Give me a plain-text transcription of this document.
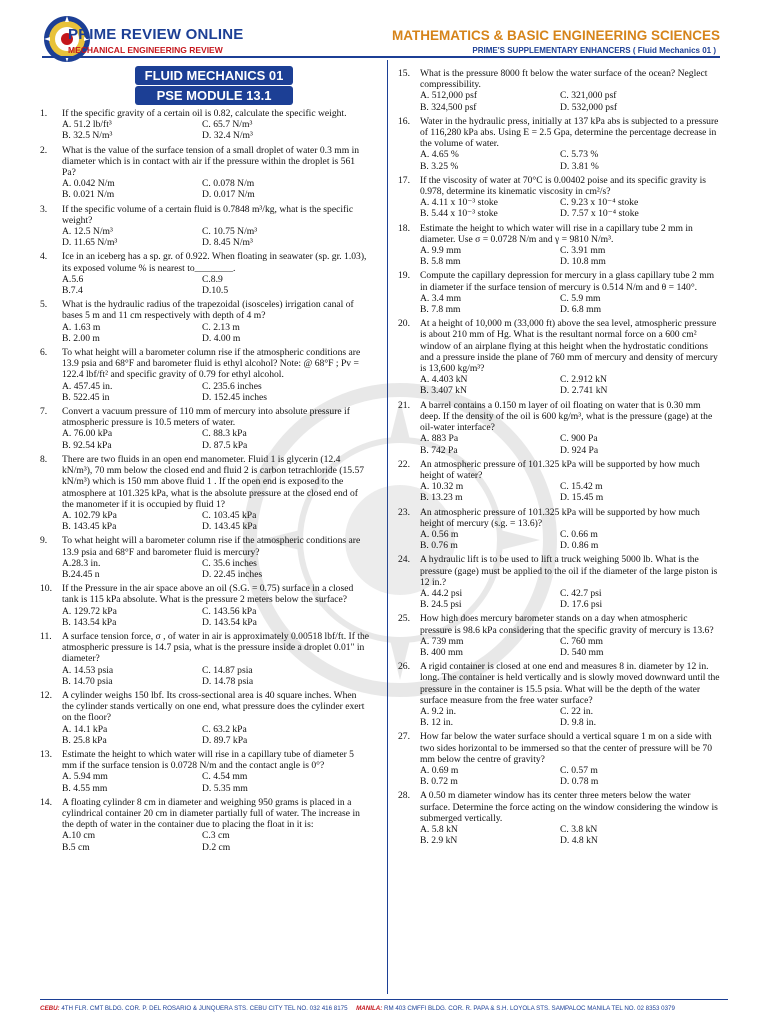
PRIME REVIEW ONLINE
MECHANICAL ENGINEERING REVIEW
MATHEMATICS & BASIC ENGINEERING SCIENCES
PRIME'S SUPPLEMENTARY ENHANCERS ( Fluid Mechanics 01 )
FLUID MECHANICS 01
PSE MODULE 13.1
1. If the specific gravity of a certain oil is 0.82, calculate the specific weight.
A. 51.2 lb/ft³	C. 65.7 N/m³
B. 32.5 N/m³	D. 32.4 N/m³
2. What is the value of the surface tension of a small droplet of water 0.3 mm in diameter which is in contact with air if the pressure within the droplet is 561 Pa?
A. 0.042 N/m	C. 0.078 N/m
B. 0.021 N/m	D. 0.017 N/m
3. If the specific volume of a certain fluid is 0.7848 m³/kg, what is the specific weight?
A. 12.5 N/m³	C. 10.75 N/m³
D. 11.65 N/m³	D. 8.45 N/m³
4. Ice in an iceberg has a sp. gr. of 0.922. When floating in seawater (sp. gr. 1.03), its exposed volume % is nearest to________.
A.5.6	C.8.9
B.7.4	D.10.5
5. What is the hydraulic radius of the trapezoidal (isosceles) irrigation canal of bases 5 m and 11 cm respectively with depth of 4 m?
A. 1.63 m	C. 2.13 m
B. 2.00 m	D. 4.00 m
6. To what height will a barometer column rise if the atmospheric conditions are 13.9 psia and 68°F and barometer fluid is ethyl alcohol? Note: @ 68°F ; Pv = 122.4 lbf/ft² and specific gravity of 0.79 for ethyl alcohol.
A. 457.45 in.	C. 235.6 inches
B. 522.45 in	D. 152.45 inches
7. Convert a vacuum pressure of 110 mm of mercury into absolute pressure if atmospheric pressure is 10.5 meters of water.
A. 76.00 kPa	C. 88.3 kPa
B. 92.54 kPa	D. 87.5 kPa
8. There are two fluids in an open end manometer. Fluid 1 is glycerin (12.4 kN/m³), 70 mm below the closed end and fluid 2 is carbon tetrachloride (15.57 kN/m³) which is 150 mm above fluid 1 . If the open end is exposed to the atmosphere at 101.325 kPa, what is the absolute pressure at the closed end of the manometer if it is occupied by fluid 1?
A. 102.79 kPa	C. 103.45 kPa
B. 143.45 kPa	D. 143.45 kPa
9. To what height will a barometer column rise if the atmospheric conditions are 13.9 psia and 68°F and barometer fluid is mercury?
A.28.3 in.	C. 35.6 inches
B.24.45 n	D. 22.45 inches
10. If the Pressure in the air space above an oil (S.G. = 0.75) surface in a closed tank is 115 kPa absolute. What is the pressure 2 meters below the surface?
A. 129.72 kPa	C. 143.56 kPa
B. 143.54 kPa	D. 143.54 kPa
11. A surface tension force, σ , of water in air is approximately 0.00518 lbf/ft. If the atmospheric pressure is 14.7 psia, what is the pressure inside a droplet 0.01" in diameter?
A. 14.53 psia	C. 14.87 psia
B. 14.70 psia	D. 14.78 psia
12. A cylinder weighs 150 lbf. Its cross-sectional area is 40 square inches. When the cylinder stands vertically on one end, what pressure does the cylinder exert on the floor?
A. 14.1 kPa	C. 63.2 kPa
B. 25.8 kPa	D. 89.7 kPa
13. Estimate the height to which water will rise in a capillary tube of diameter 5 mm if the surface tension is 0.0728 N/m and the contact angle is 0°?
A. 5.94 mm	C. 4.54 mm
B. 4.55 mm	D. 5.35 mm
14. A floating cylinder 8 cm in diameter and weighing 950 grams is placed in a cylindrical container 20 cm in diameter partially full of water. The increase in the depth of water in the container due to placing the float in it is:
A.10 cm	C.3 cm
B.5 cm	D.2 cm
15. What is the pressure 8000 ft below the water surface of the ocean? Neglect compressibility.
A. 512,000 psf	C. 321,000 psf
B. 324,500 psf	D. 532,000 psf
16. Water in the hydraulic press, initially at 137 kPa abs is subjected to a pressure of 116,280 kPa abs. Using E = 2.5 Gpa, determine the percentage decrease in the volume of water.
A. 4.65 %	C. 5.73 %
B. 3.25 %	D. 3.81 %
17. If the viscosity of water at 70°C is 0.00402 poise and its specific gravity is 0.978, determine its kinematic viscosity in cm²/s?
A. 4.11 x 10⁻³ stoke	C. 9.23 x 10⁻⁴ stoke
B. 5.44 x 10⁻³ stoke	D. 7.57 x 10⁻⁴ stoke
18. Estimate the height to which water will rise in a capillary tube 2 mm in diameter. Use σ = 0.0728 N/m and γ = 9810 N/m³.
A. 9.9 mm	C. 3.91 mm
B. 5.8 mm	D. 10.8 mm
19. Compute the capillary depression for mercury in a glass capillary tube 2 mm in diameter if the surface tension of mercury is 0.514 N/m and θ = 140°.
A. 3.4 mm	C. 5.9 mm
B. 7.8 mm	D. 6.8 mm
20. At a height of 10,000 m (33,000 ft) above the sea level, atmospheric pressure is about 210 mm of Hg. What is the resultant normal force on a 600 cm² window of an airplane flying at this height when the hydrostatic conditions and a pressure inside the plane of 760 mm of mercury and density of mercury is 13,600 kg/m³?
A. 4.403 kN	C. 2.912 kN
B. 3.407 kN	D. 2.741 kN
21. A barrel contains a 0.150 m layer of oil floating on water that is 0.30 mm deep. If the density of the oil is 600 kg/m³, what is the pressure (gage) at the oil-water interface?
A. 883 Pa	C. 900 Pa
B. 742 Pa	D. 924 Pa
22. An atmospheric pressure of 101.325 kPa will be supported by how much height of water?
A. 10.32 m	C. 15.42 m
B. 13.23 m	D. 15.45 m
23. An atmospheric pressure of 101.325 kPa will be supported by how much height of mercury (s.g. = 13.6)?
A. 0.56 m	C. 0.66 m
B. 0.76 m	D. 0.86 m
24. A hydraulic lift is to be used to lift a truck weighing 5000 lb. What is the pressure (gage) must be applied to the oil if the diameter of the large piston is 12 in.?
A. 44.2 psi	C. 42.7 psi
B. 24.5 psi	D. 17.6 psi
25. How high does mercury barometer stands on a day when atmospheric pressure is 98.6 kPa considering that the specific gravity of mercury is 13.6?
A. 739 mm	C. 760 mm
B. 400 mm	D. 540 mm
26. A rigid container is closed at one end and measures 8 in. diameter by 12 in. long. The container is held vertically and is slowly moved downward until the pressure in the container is 15.5 psia. What will be the depth of the water surface measure from the free water surface?
A. 9.2 in.	C. 22 in.
B. 12 in.	D. 9.8 in.
27. How far below the water surface should a vertical square 1 m on a side with two sides horizontal to be immersed so that the center of pressure will be 70 mm below the centre of gravity?
A. 0.69 m	C. 0.57 m
B. 0.72 m	D. 0.78 m
28. A 0.50 m diameter window has its center three meters below the water surface. Determine the force acting on the window considering the window is submerged vertically.
A. 5.8 kN	C. 3.8 kN
B. 2.9 kN	D. 4.8 kN
CEBU: 4TH FLR. CMT BLDG. COR. P. DEL ROSARIO & JUNQUERA STS. CEBU CITY TEL NO. 032 416 8175 MANILA: RM 403 CMFFI BLDG. COR. R. PAPA & S.H. LOYOLA STS. SAMPALOC MANILA TEL NO. 02 8353 0379
